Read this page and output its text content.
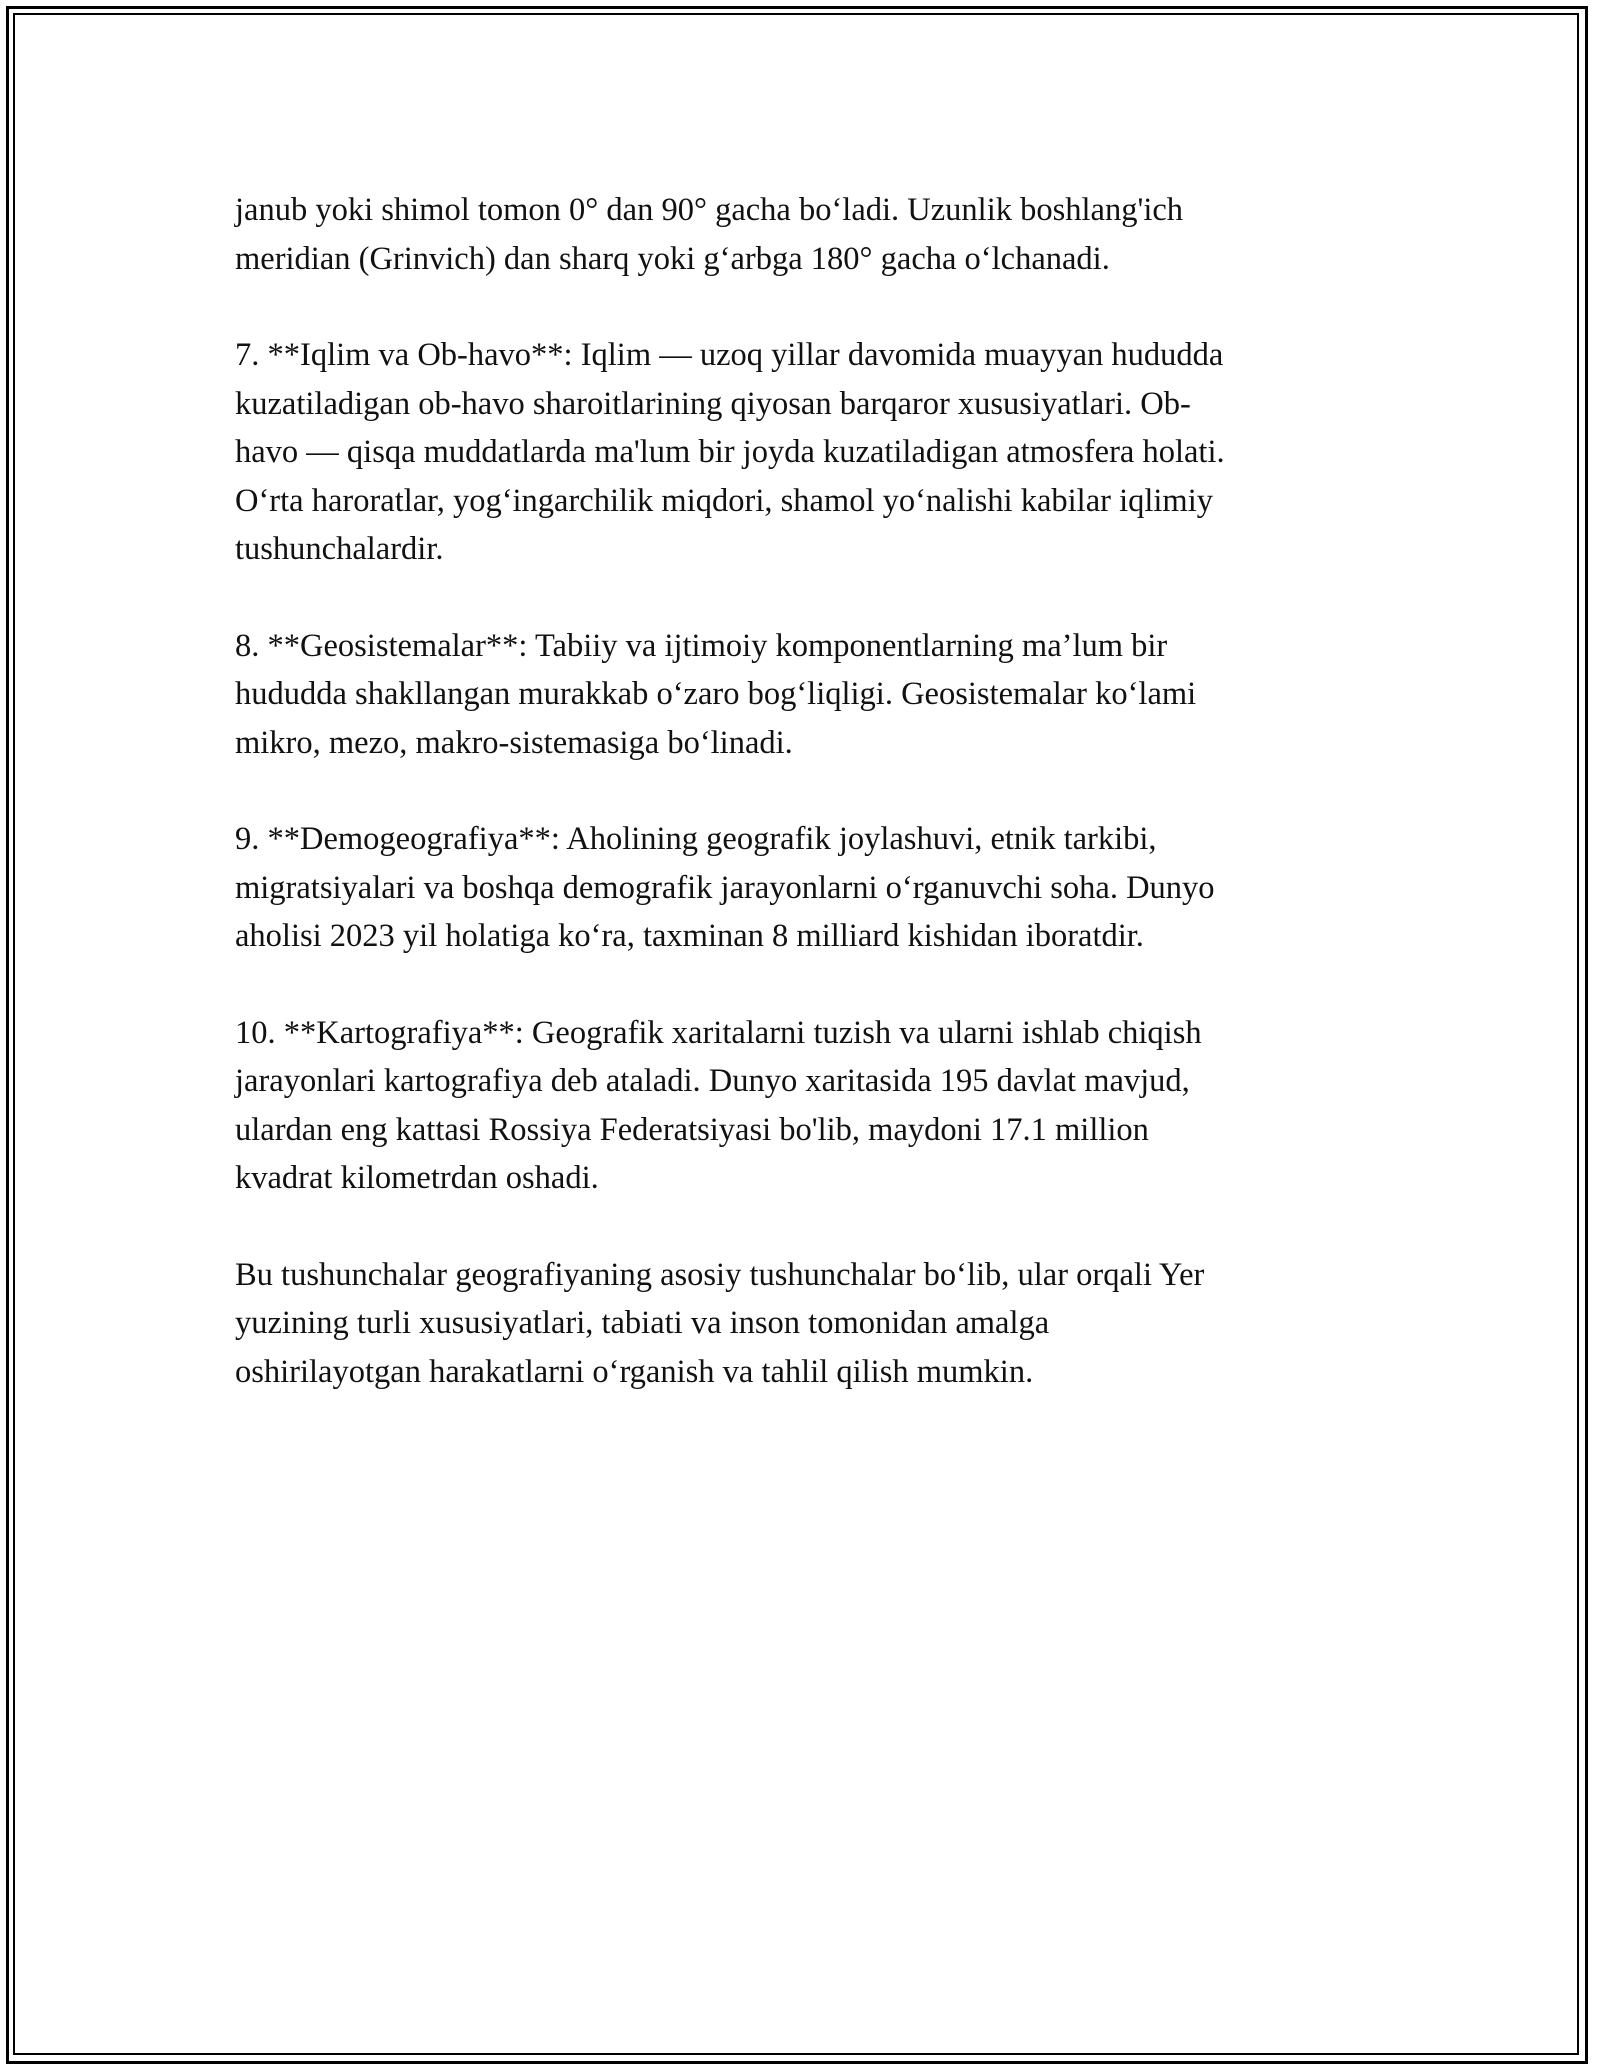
janub yoki shimol tomon 0° dan 90° gacha bo‘ladi. Uzunlik boshlang'ich
meridian (Grinvich) dan sharq yoki g‘arbga 180° gacha o‘lchanadi.

7. **Iqlim va Ob-havo**: Iqlim — uzoq yillar davomida muayyan hududda
kuzatiladigan ob-havo sharoitlarining qiyosan barqaror xususiyatlari. Ob-
havo — qisqa muddatlarda ma'lum bir joyda kuzatiladigan atmosfera holati.
O‘rta haroratlar, yog‘ingarchilik miqdori, shamol yo‘nalishi kabilar iqlimiy
tushunchalardir.

8. **Geosistemalar**: Tabiiy va ijtimoiy komponentlarning ma’lum bir
hududda shakllangan murakkab o‘zaro bog‘liqligi. Geosistemalar ko‘lami
mikro, mezo, makro-sistemasiga bo‘linadi.

9. **Demogeografiya**: Aholining geografik joylashuvi, etnik tarkibi,
migratsiyalari va boshqa demografik jarayonlarni o‘rganuvchi soha. Dunyo
aholisi 2023 yil holatiga ko‘ra, taxminan 8 milliard kishidan iboratdir.

10. **Kartografiya**: Geografik xaritalarni tuzish va ularni ishlab chiqish
jarayonlari kartografiya deb ataladi. Dunyo xaritasida 195 davlat mavjud,
ulardan eng kattasi Rossiya Federatsiyasi bo'lib, maydoni 17.1 million
kvadrat kilometrdan oshadi.

Bu tushunchalar geografiyaning asosiy tushunchalar bo‘lib, ular orqali Yer
yuzining turli xususiyatlari, tabiati va inson tomonidan amalga
oshirilayotgan harakatlarni o‘rganish va tahlil qilish mumkin.
